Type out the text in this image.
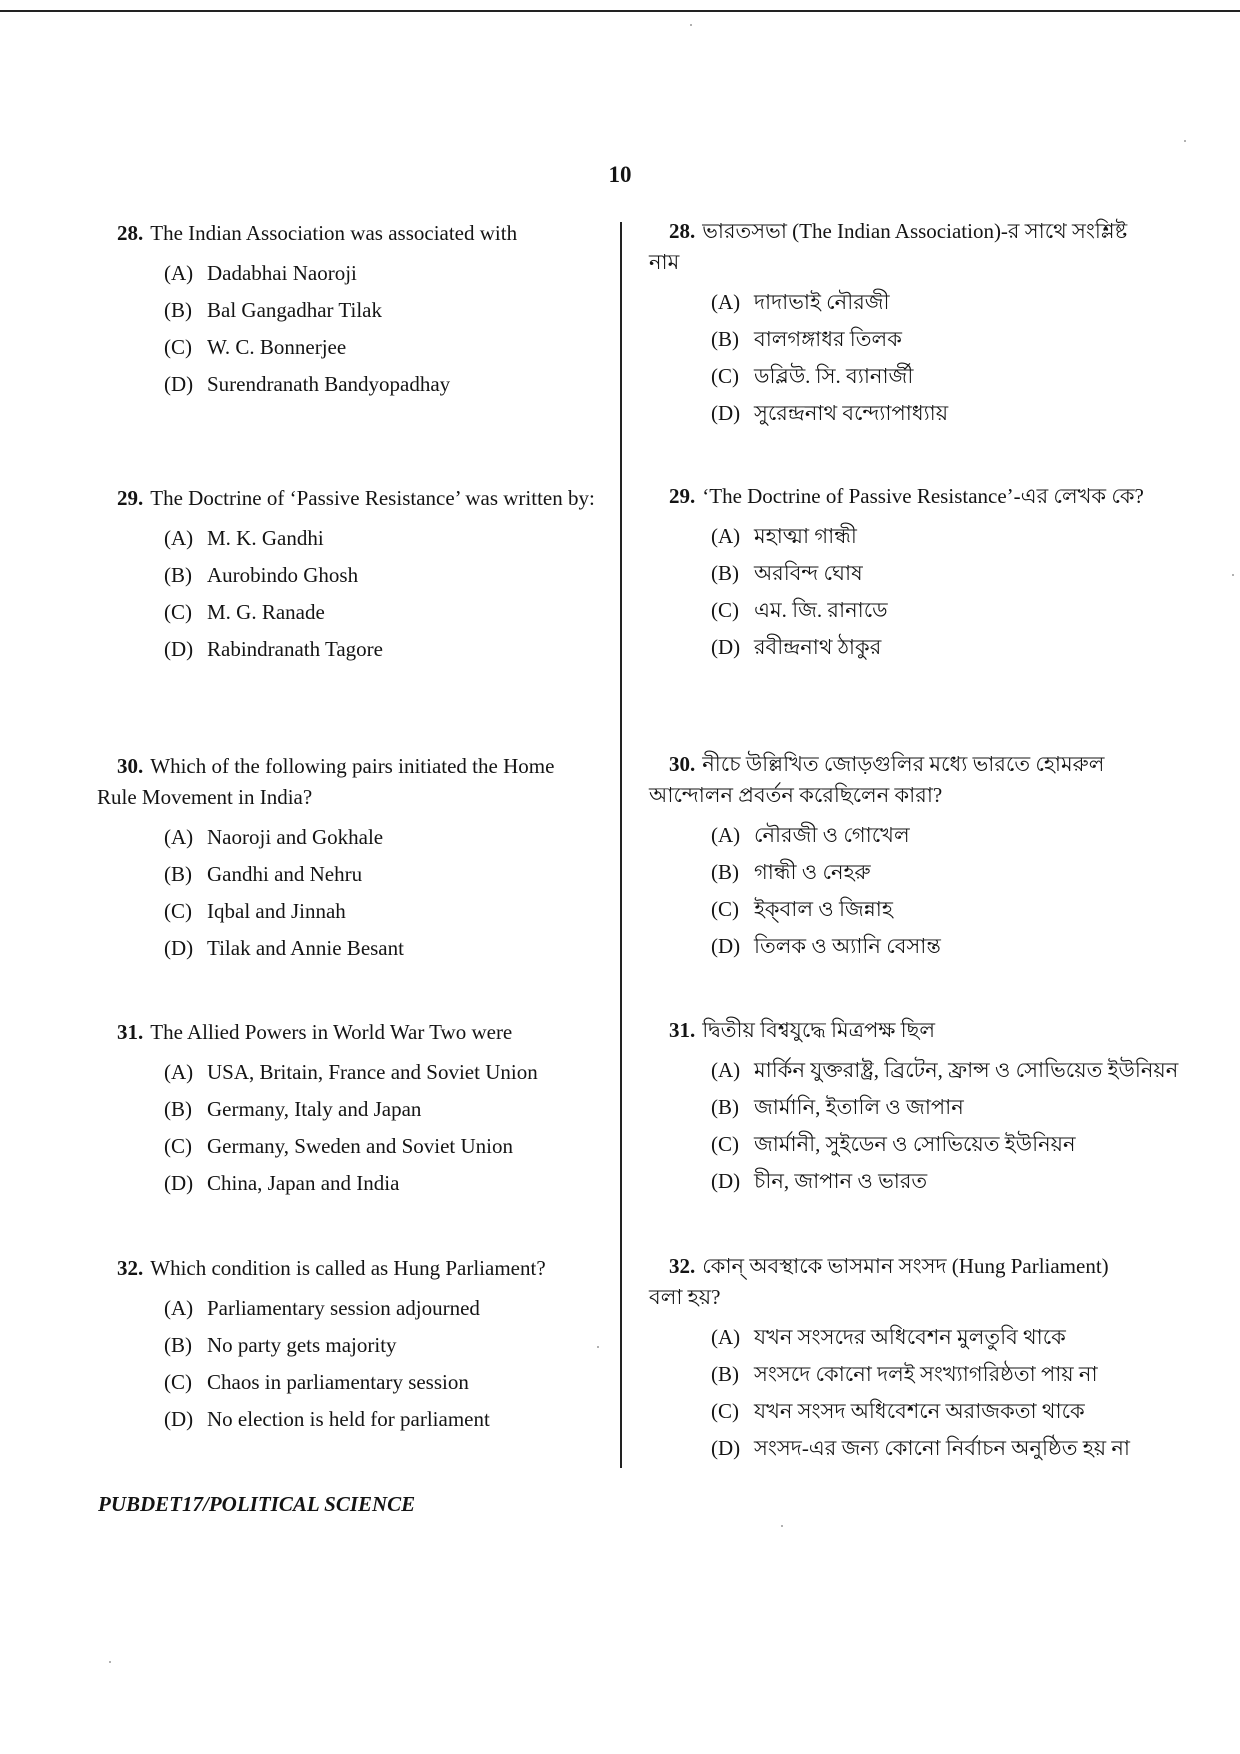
10

28. The Indian Association was associated with

(A) Dadabhai Naoroji
(B) Bal Gangadhar Tilak
(C) W. C. Bonnerjee
(D) Surendranath Bandyopadhay

29. The Doctrine of ‘Passive Resistance’ was written by:

(A) M. K. Gandhi
(B) Aurobindo Ghosh
(C) M. G. Ranade
(D) Rabindranath Tagore

30. Which of the following pairs initiated the Home Rule Movement in India?

(A) Naoroji and Gokhale
(B) Gandhi and Nehru
(C) Iqbal and Jinnah
(D) Tilak and Annie Besant

31. The Allied Powers in World War Two were

(A) USA, Britain, France and Soviet Union
(B) Germany, Italy and Japan
(C) Germany, Sweden and Soviet Union
(D) China, Japan and India

32. Which condition is called as Hung Parliament?

(A) Parliamentary session adjourned
(B) No party gets majority
(C) Chaos in parliamentary session
(D) No election is held for parliament

28. ভারতসভা (The Indian Association)-র সাথে সংশ্লিষ্ট নাম

(A) দাদাভাই নৌরজী
(B) বালগঙ্গাধর তিলক
(C) ডব্লিউ. সি. ব্যানার্জী
(D) সুরেন্দ্রনাথ বন্দ্যোপাধ্যায়

29. ‘The Doctrine of Passive Resistance’-এর লেখক কে?

(A) মহাত্মা গান্ধী
(B) অরবিন্দ ঘোষ
(C) এম. জি. রানাডে
(D) রবীন্দ্রনাথ ঠাকুর

30. নীচে উল্লিখিত জোড়গুলির মধ্যে ভারতে হোমরুল আন্দোলন প্রবর্তন করেছিলেন কারা?

(A) নৌরজী ও গোখেল
(B) গান্ধী ও নেহরু
(C) ইক্‌বাল ও জিন্নাহ
(D) তিলক ও অ্যানি বেসান্ত

31. দ্বিতীয় বিশ্বযুদ্ধে মিত্রপক্ষ ছিল

(A) মার্কিন যুক্তরাষ্ট্র, ব্রিটেন, ফ্রান্স ও সোভিয়েত ইউনিয়ন
(B) জার্মানি, ইতালি ও জাপান
(C) জার্মানী, সুইডেন ও সোভিয়েত ইউনিয়ন
(D) চীন, জাপান ও ভারত

32. কোন্ অবস্থাকে ভাসমান সংসদ (Hung Parliament) বলা হয়?

(A) যখন সংসদের অধিবেশন মুলতুবি থাকে
(B) সংসদে কোনো দলই সংখ্যাগরিষ্ঠতা পায় না
(C) যখন সংসদ অধিবেশনে অরাজকতা থাকে
(D) সংসদ-এর জন্য কোনো নির্বাচন অনুষ্ঠিত হয় না
PUBDET17/POLITICAL SCIENCE
